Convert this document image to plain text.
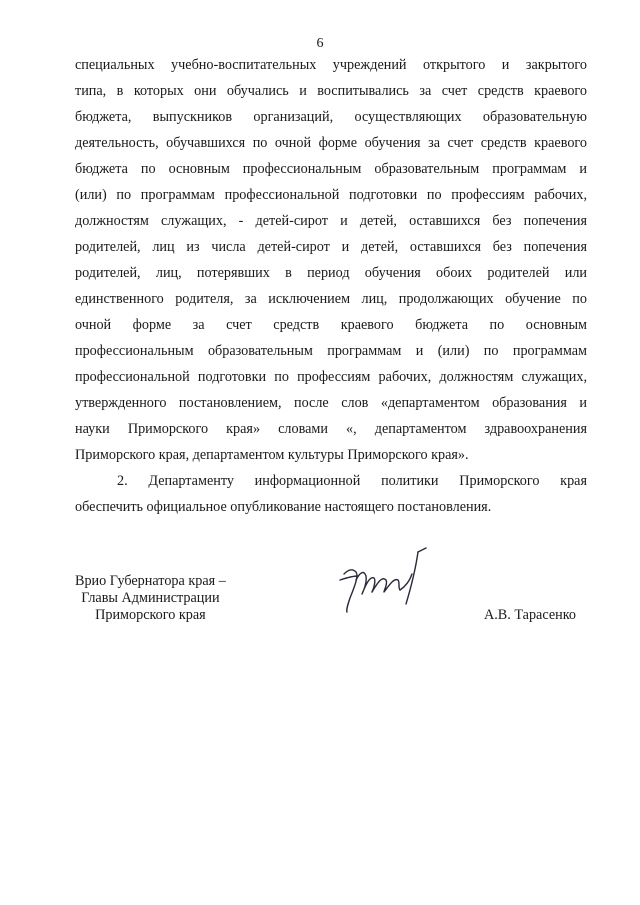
6
специальных учебно-воспитательных учреждений открытого и закрытого
типа, в которых они обучались и воспитывались за счет средств краевого
бюджета, выпускников организаций, осуществляющих образовательную
деятельность, обучавшихся по очной форме обучения за счет средств краевого
бюджета по основным профессиональным образовательным программам и
(или) по программам профессиональной подготовки по профессиям рабочих,
должностям служащих, - детей-сирот и детей, оставшихся без попечения
родителей, лиц из числа детей-сирот и детей, оставшихся без попечения
родителей, лиц, потерявших в период обучения обоих родителей или
единственного родителя, за исключением лиц, продолжающих обучение по
очной форме за счет средств краевого бюджета по основным
профессиональным образовательным программам и (или) по программам
профессиональной подготовки по профессиям рабочих, должностям служащих,
утвержденного постановлением, после слов «департаментом образования и
науки Приморского края» словами «, департаментом здравоохранения
Приморского края, департаментом культуры Приморского края».
2. Департаменту информационной политики Приморского края
обеспечить официальное опубликование настоящего постановления.
Врио Губернатора края –
Главы Администрации
Приморского края	А.В. Тарасенко
